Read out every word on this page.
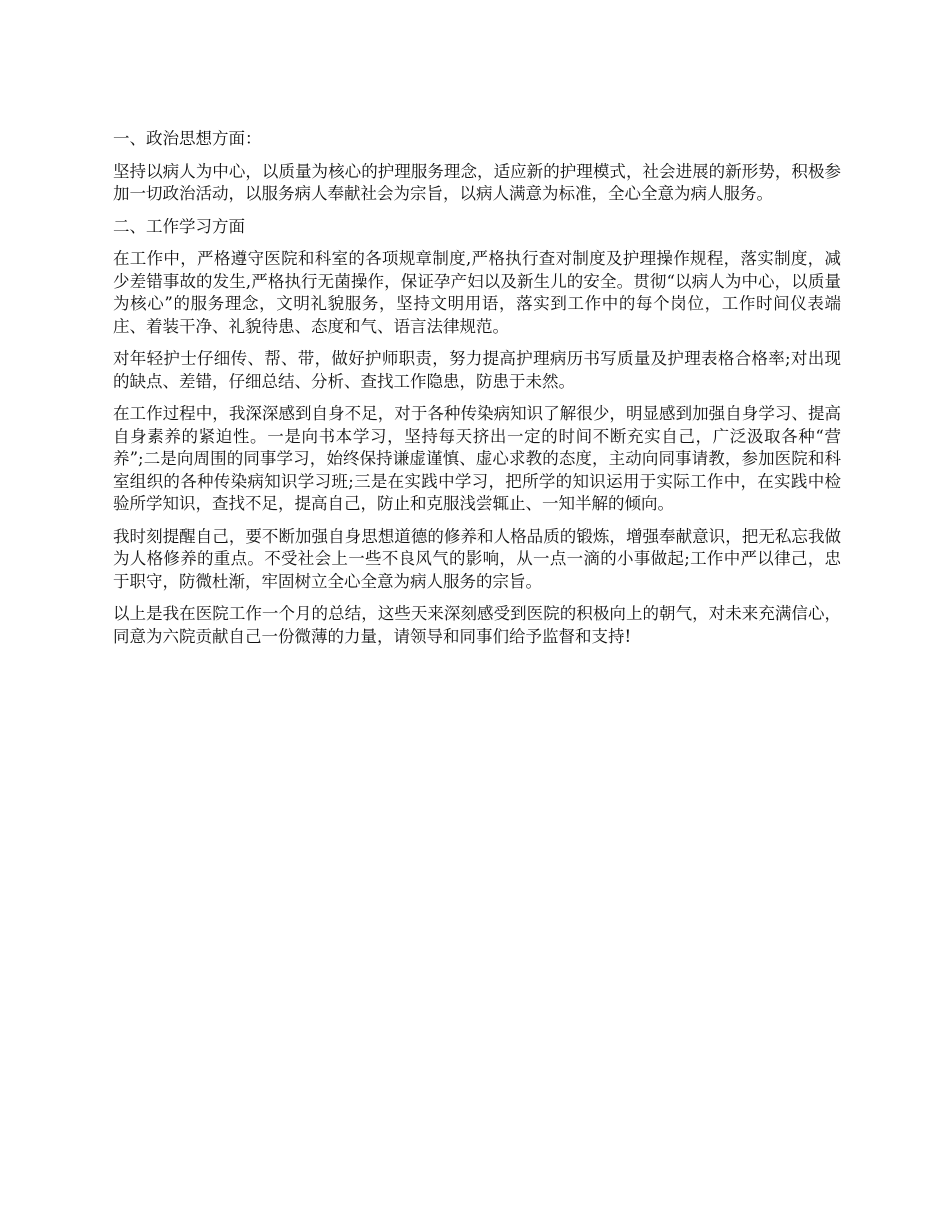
一、政治思想方面：

坚持以病人为中心，以质量为核心的护理服务理念，适应新的护理模式，社会进展的新形势，积极参加一切政治活动，以服务病人奉献社会为宗旨，以病人满意为标准，全心全意为病人服务。

二、工作学习方面

在工作中，严格遵守医院和科室的各项规章制度,严格执行查对制度及护理操作规程，落实制度，减少差错事故的发生,严格执行无菌操作，保证孕产妇以及新生儿的安全。贯彻“以病人为中心，以质量为核心”的服务理念，文明礼貌服务，坚持文明用语，落实到工作中的每个岗位，工作时间仪表端庄、着装干净、礼貌待患、态度和气、语言法律规范。

对年轻护士仔细传、帮、带，做好护师职责，努力提高护理病历书写质量及护理表格合格率;对出现的缺点、差错，仔细总结、分析、查找工作隐患，防患于未然。

在工作过程中，我深深感到自身不足，对于各种传染病知识了解很少，明显感到加强自身学习、提高自身素养的紧迫性。一是向书本学习，坚持每天挤出一定的时间不断充实自己，广泛汲取各种“营养”;二是向周围的同事学习，始终保持谦虚谨慎、虚心求教的态度，主动向同事请教，参加医院和科室组织的各种传染病知识学习班;三是在实践中学习，把所学的知识运用于实际工作中，在实践中检验所学知识，查找不足，提高自己，防止和克服浅尝辄止、一知半解的倾向。

我时刻提醒自己，要不断加强自身思想道德的修养和人格品质的锻炼，增强奉献意识，把无私忘我做为人格修养的重点。不受社会上一些不良风气的影响，从一点一滴的小事做起;工作中严以律己，忠于职守，防微杜渐，牢固树立全心全意为病人服务的宗旨。

以上是我在医院工作一个月的总结，这些天来深刻感受到医院的积极向上的朝气，对未来充满信心，同意为六院贡献自己一份微薄的力量，请领导和同事们给予监督和支持!
